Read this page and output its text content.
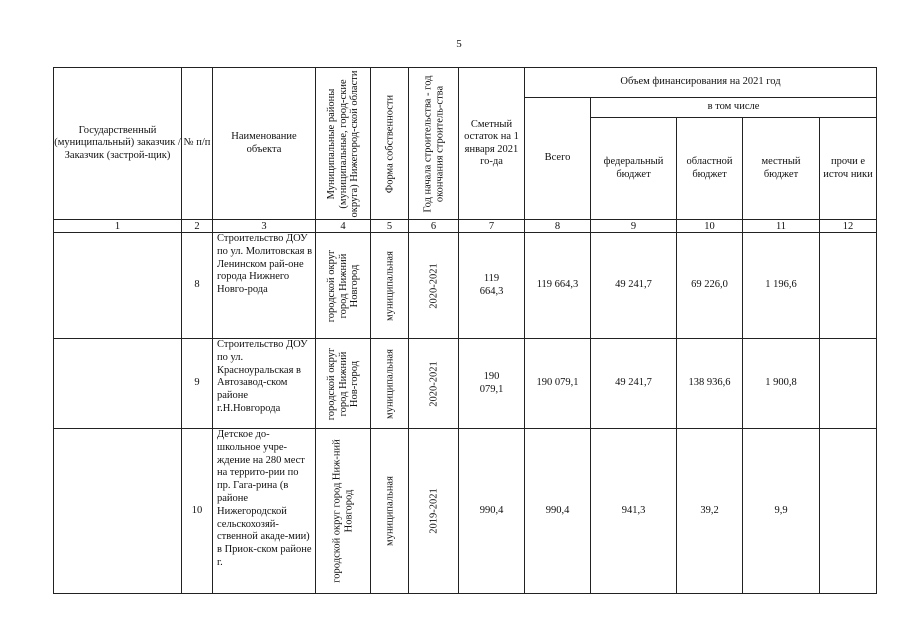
5
Государственный (муниципальный) заказчик / Заказчик (застрой-щик)	№ п/п	Наименование объекта	Муниципальные районы (муниципальные, город-ские округа) Нижегород-ской области	Форма собственности	Год начала строительства - год окончания строитель-ства	Сметный остаток на 1 января 2021 го-да	Объем финансирования на 2021 год				
							Всего	в том числе			
								федеральный бюджет	областной бюджет	местный бюджет	прочи е источ ники
1	2	3	4	5	6	7	8	9	10	11	12
	8	Строительство ДОУ по ул. Молитовская в Ленинском рай-оне города Нижнего Новго-рода	городской округ город Нижний Новгород	муниципальная	2020-2021	119 664,3	119 664,3	49 241,7	69 226,0	1 196,6	
	9	Строительство ДОУ по ул. Красноуральская в Автозавод-ском районе г.Н.Новгорода	городской округ город Нижний Нов-город	муниципальная	2020-2021	190 079,1	190 079,1	49 241,7	138 936,6	1 900,8	
	10	Детское до-школьное учре-ждение на 280 мест на террито-рии по пр. Гага-рина (в районе Нижегородской сельскохозяй-ственной акаде-мии) в Приок-ском районе г.	городской округ город Ниж-ний Новгород	муниципальная	2019-2021	990,4	990,4	941,3	39,2	9,9	
